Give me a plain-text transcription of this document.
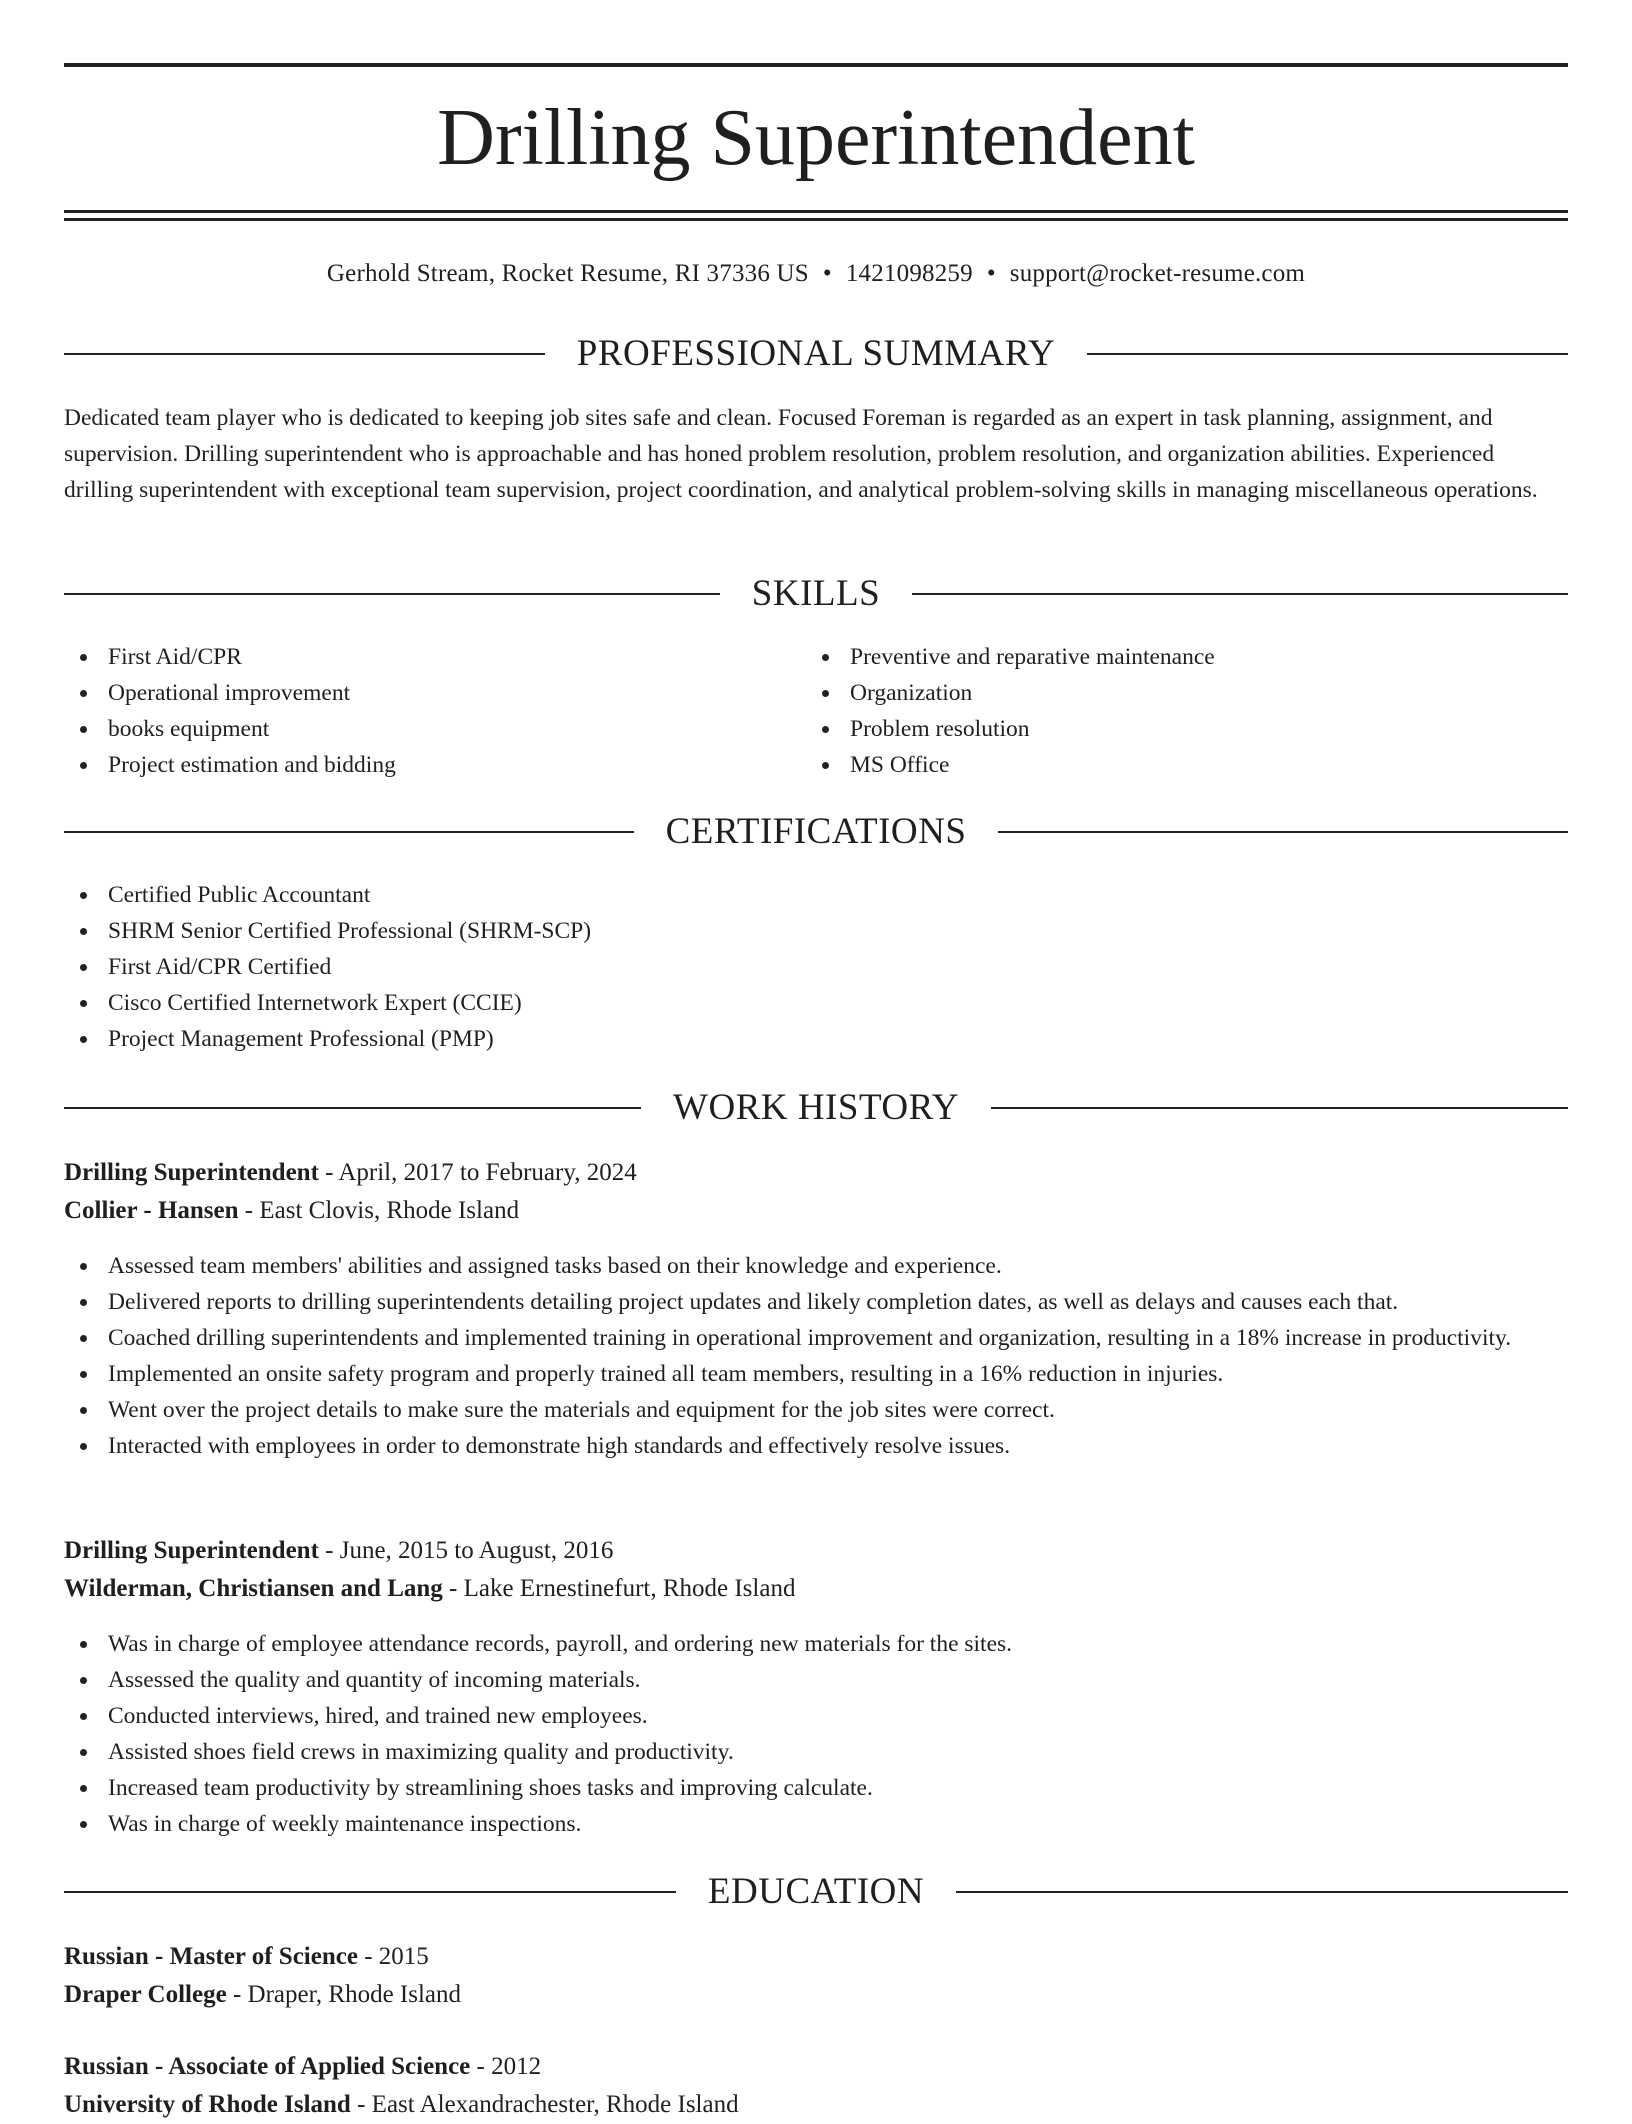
Drilling Superintendent
Gerhold Stream, Rocket Resume, RI 37336 US • 1421098259 • support@rocket-resume.com
PROFESSIONAL SUMMARY
Dedicated team player who is dedicated to keeping job sites safe and clean. Focused Foreman is regarded as an expert in task planning, assignment, and supervision. Drilling superintendent who is approachable and has honed problem resolution, problem resolution, and organization abilities. Experienced drilling superintendent with exceptional team supervision, project coordination, and analytical problem-solving skills in managing miscellaneous operations.
SKILLS
First Aid/CPR
Operational improvement
books equipment
Project estimation and bidding
Preventive and reparative maintenance
Organization
Problem resolution
MS Office
CERTIFICATIONS
Certified Public Accountant
SHRM Senior Certified Professional (SHRM-SCP)
First Aid/CPR Certified
Cisco Certified Internetwork Expert (CCIE)
Project Management Professional (PMP)
WORK HISTORY
Drilling Superintendent - April, 2017 to February, 2024
Collier - Hansen - East Clovis, Rhode Island
Assessed team members' abilities and assigned tasks based on their knowledge and experience.
Delivered reports to drilling superintendents detailing project updates and likely completion dates, as well as delays and causes each that.
Coached drilling superintendents and implemented training in operational improvement and organization, resulting in a 18% increase in productivity.
Implemented an onsite safety program and properly trained all team members, resulting in a 16% reduction in injuries.
Went over the project details to make sure the materials and equipment for the job sites were correct.
Interacted with employees in order to demonstrate high standards and effectively resolve issues.
Drilling Superintendent - June, 2015 to August, 2016
Wilderman, Christiansen and Lang - Lake Ernestinefurt, Rhode Island
Was in charge of employee attendance records, payroll, and ordering new materials for the sites.
Assessed the quality and quantity of incoming materials.
Conducted interviews, hired, and trained new employees.
Assisted shoes field crews in maximizing quality and productivity.
Increased team productivity by streamlining shoes tasks and improving calculate.
Was in charge of weekly maintenance inspections.
EDUCATION
Russian - Master of Science - 2015
Draper College - Draper, Rhode Island
Russian - Associate of Applied Science - 2012
University of Rhode Island - East Alexandrachester, Rhode Island
